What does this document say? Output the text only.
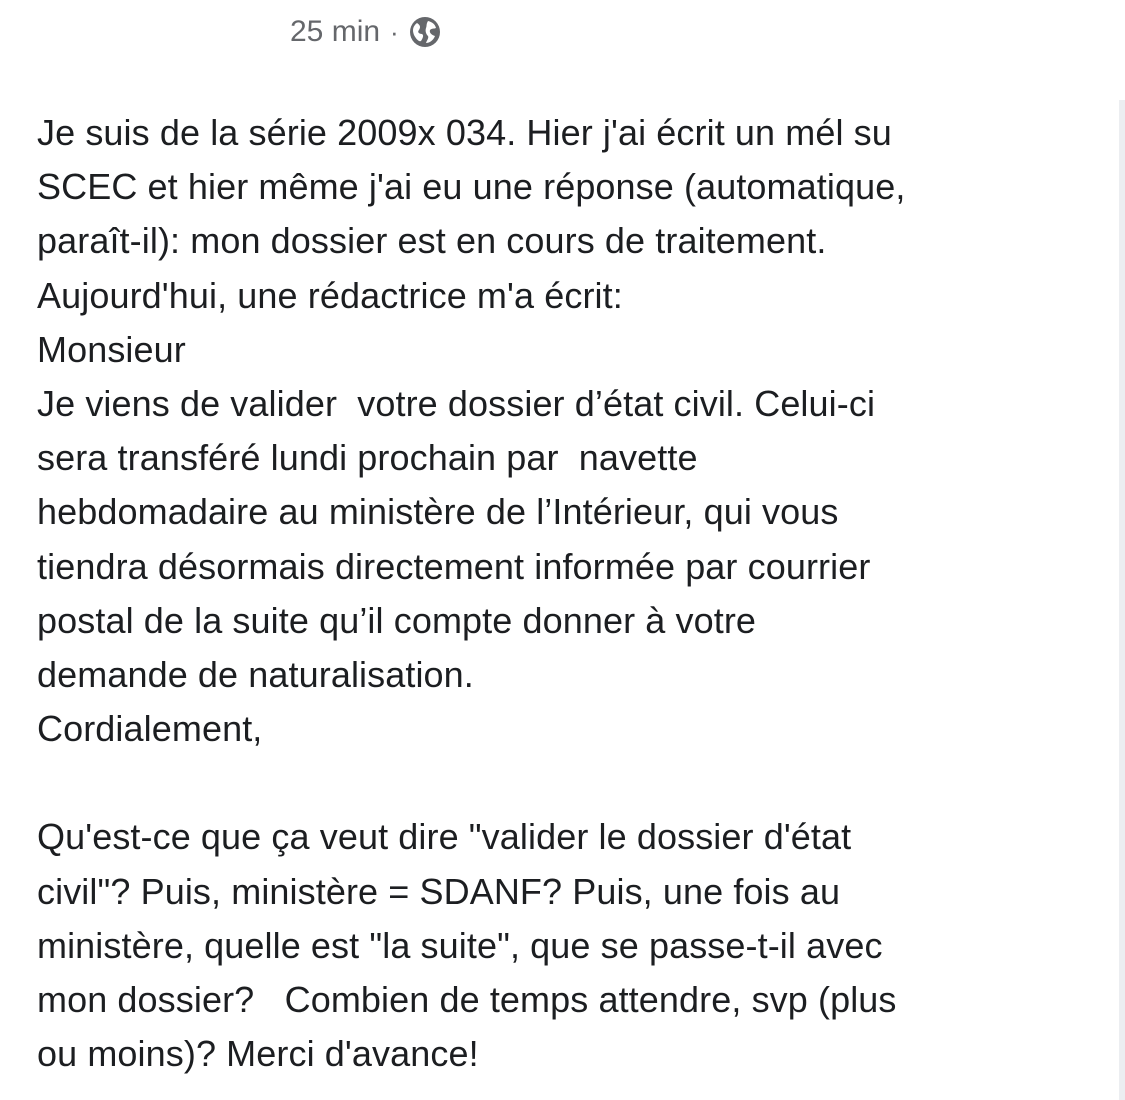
25 min ·
Je suis de la série 2009x 034. Hier j'ai écrit un mél su
SCEC et hier même j'ai eu une réponse (automatique,
paraît-il): mon dossier est en cours de traitement.
Aujourd'hui, une rédactrice m'a écrit:
Monsieur
Je viens de valider  votre dossier d’état civil. Celui-ci
sera transféré lundi prochain par  navette
hebdomadaire au ministère de l’Intérieur, qui vous
tiendra désormais directement informée par courrier
postal de la suite qu’il compte donner à votre
demande de naturalisation.
Cordialement,
Qu'est-ce que ça veut dire "valider le dossier d'état
civil"? Puis, ministère = SDANF? Puis, une fois au
ministère, quelle est "la suite", que se passe-t-il avec
mon dossier?   Combien de temps attendre, svp (plus
ou moins)? Merci d'avance!
